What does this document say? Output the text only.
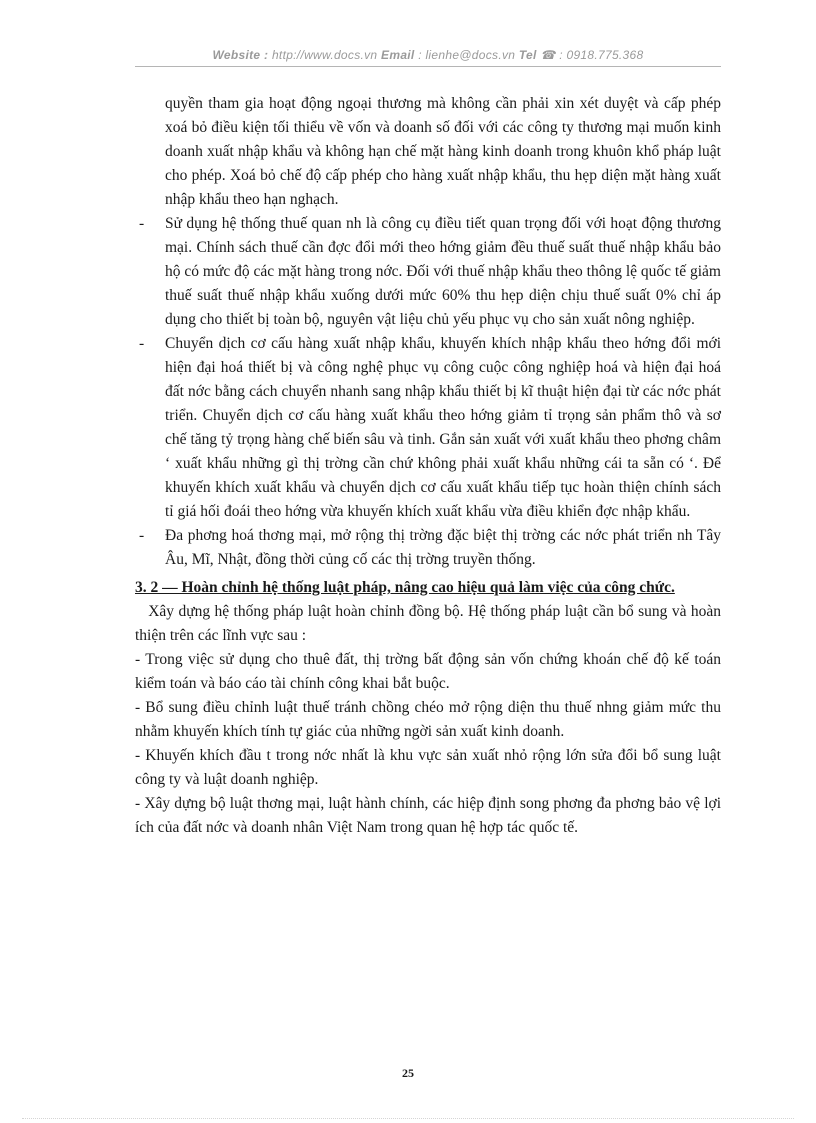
Website : http://www.docs.vn Email : lienhe@docs.vn Tel ☎ : 0918.775.368
quyền tham gia hoạt động ngoại thương mà không cần phải xin xét duyệt và cấp phép xoá bỏ điều kiện tối thiểu về vốn và doanh số đối với các công ty thương mại muốn kinh doanh xuất nhập khẩu và không hạn chế mặt hàng kinh doanh trong khuôn khổ pháp luật cho phép. Xoá bỏ chế độ cấp phép cho hàng xuất nhập khẩu, thu hẹp diện mặt hàng xuất nhập khẩu theo hạn nghạch.
- Sử dụng hệ thống thuế quan nh là công cụ điều tiết quan trọng đối với hoạt động thương mại. Chính sách thuế cần đợc đổi mới theo hớng giảm đều thuế suất thuế nhập khẩu bảo hộ có mức độ các mặt hàng trong nớc. Đối với thuế nhập khẩu theo thông lệ quốc tế giảm thuế suất thuế nhập khẩu xuống dưới mức 60% thu hẹp diện chịu thuế suất 0% chỉ áp dụng cho thiết bị toàn bộ, nguyên vật liệu chủ yếu phục vụ cho sản xuất nông nghiệp.
- Chuyển dịch cơ cấu hàng xuất nhập khẩu, khuyến khích nhập khẩu theo hớng đổi mới hiện đại hoá thiết bị và công nghệ phục vụ công cuộc công nghiệp hoá và hiện đại hoá đất nớc bằng cách chuyển nhanh sang nhập khẩu thiết bị kĩ thuật hiện đại từ các nớc phát triển. Chuyển dịch cơ cấu hàng xuất khẩu theo hớng giảm tỉ trọng sản phẩm thô và sơ chế tăng tỷ trọng hàng chế biến sâu và tinh. Gắn sản xuất với xuất khẩu theo phơng châm ‘ xuất khẩu những gì thị trờng cần chứ không phải xuất khẩu những cái ta sẵn có ‘. Để khuyến khích xuất khẩu và chuyển dịch cơ cấu xuất khẩu tiếp tục hoàn thiện chính sách tỉ giá hối đoái theo hớng vừa khuyến khích xuất khẩu vừa điều khiển đợc nhập khẩu.
- Đa phơng hoá thơng mại, mở rộng thị trờng đặc biệt thị trờng các nớc phát triển nh Tây Âu, Mĩ, Nhật, đồng thời củng cố các thị trờng truyền thống.
3. 2 — Hoàn chỉnh hệ thống luật pháp, nâng cao hiệu quả làm việc của công chức.
Xây dựng hệ thống pháp luật hoàn chỉnh đồng bộ. Hệ thống pháp luật cần bổ sung và hoàn thiện trên các lĩnh vực sau :
- Trong việc sử dụng cho thuê đất, thị trờng bất động sản vốn chứng khoán chế độ kế toán kiểm toán và báo cáo tài chính công khai bắt buộc.
- Bổ sung điều chỉnh luật thuế tránh chồng chéo mở rộng diện thu thuế nhng giảm mức thu nhằm khuyến khích tính tự giác của những ngời sản xuất kinh doanh.
- Khuyến khích đầu t trong nớc nhất là khu vực sản xuất nhỏ rộng lớn sửa đổi bổ sung luật công ty và luật doanh nghiệp.
- Xây dựng bộ luật thơng mại, luật hành chính, các hiệp định song phơng đa phơng bảo vệ lợi ích của đất nớc và doanh nhân Việt Nam trong quan hệ hợp tác quốc tế.
25
